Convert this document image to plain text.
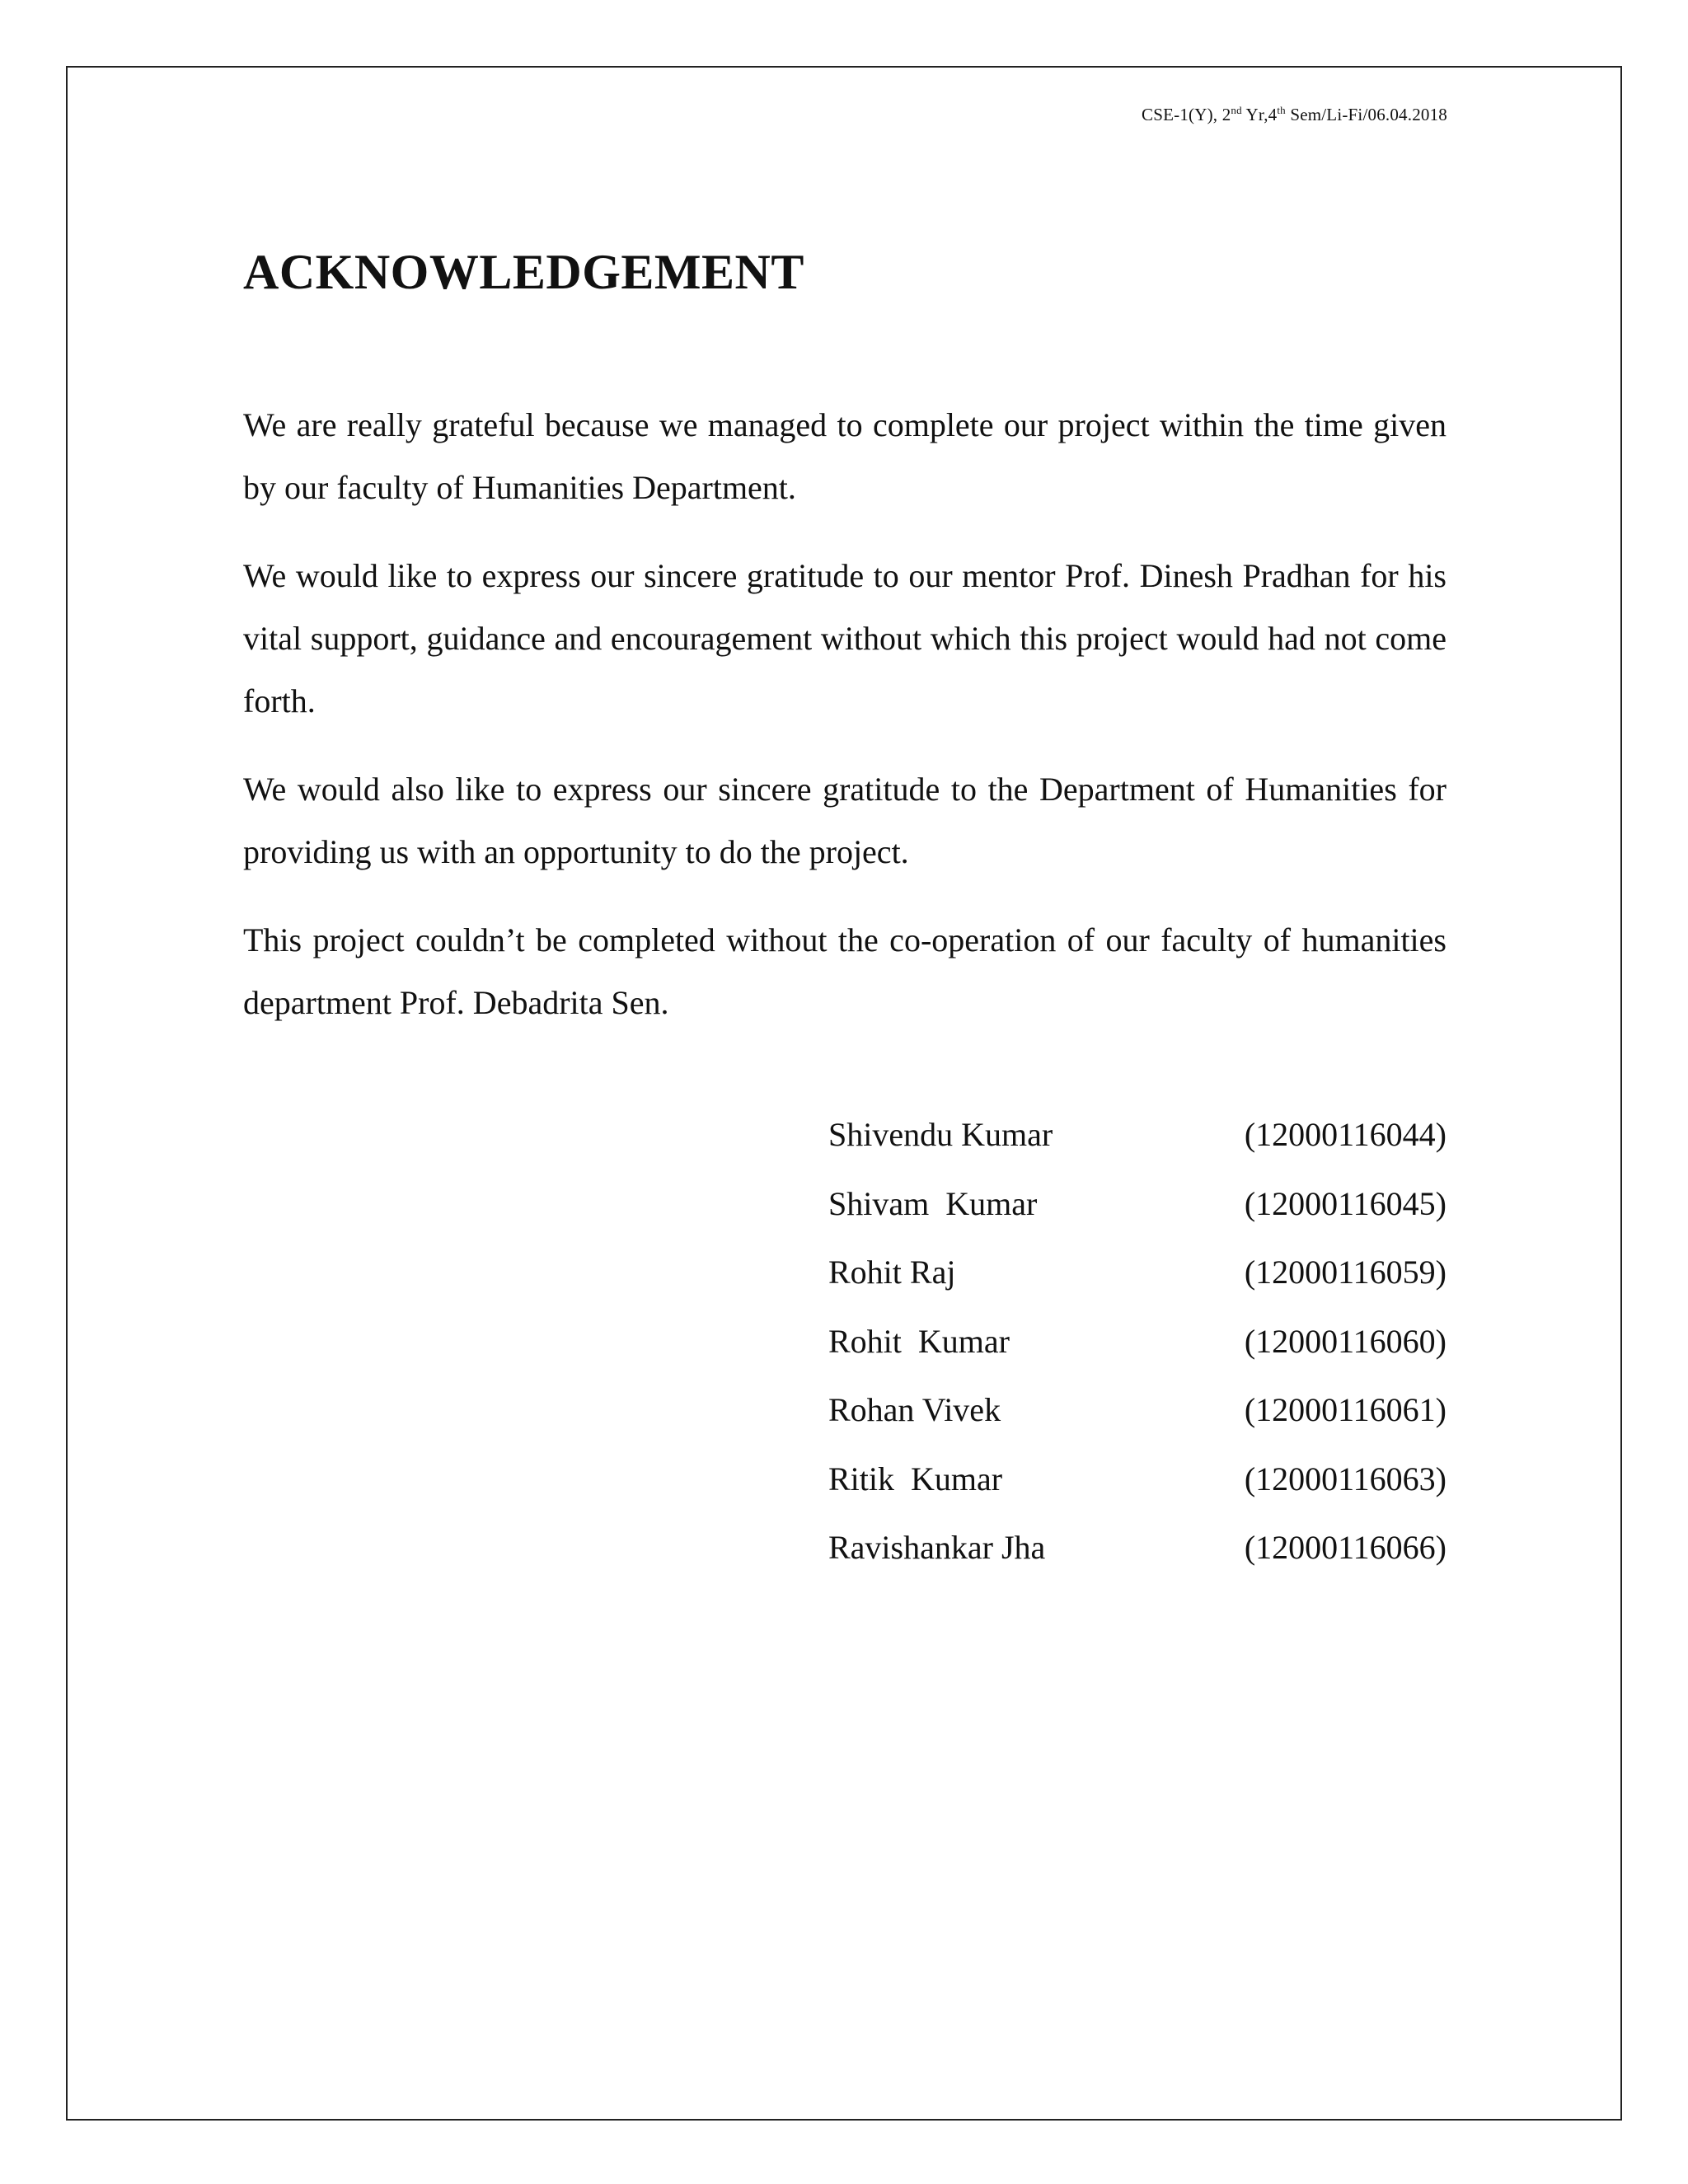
CSE-1(Y), 2nd Yr,4th Sem/Li-Fi/06.04.2018
ACKNOWLEDGEMENT

We are really grateful because we managed to complete our project within the time given by our faculty of Humanities Department.

We would like to express our sincere gratitude to our mentor Prof. Dinesh Pradhan for his vital support, guidance and encouragement without which this project would had not come forth.

We would also like to express our sincere gratitude to the Department of Humanities for providing us with an opportunity to do the project.

This project couldn’t be completed without the co-operation of our faculty of humanities department Prof. Debadrita Sen.

Shivendu Kumar	(12000116044)
Shivam  Kumar	(12000116045)
Rohit Raj	(12000116059)
Rohit  Kumar	(12000116060)
Rohan Vivek	(12000116061)
Ritik  Kumar	(12000116063)
Ravishankar Jha	(12000116066)
